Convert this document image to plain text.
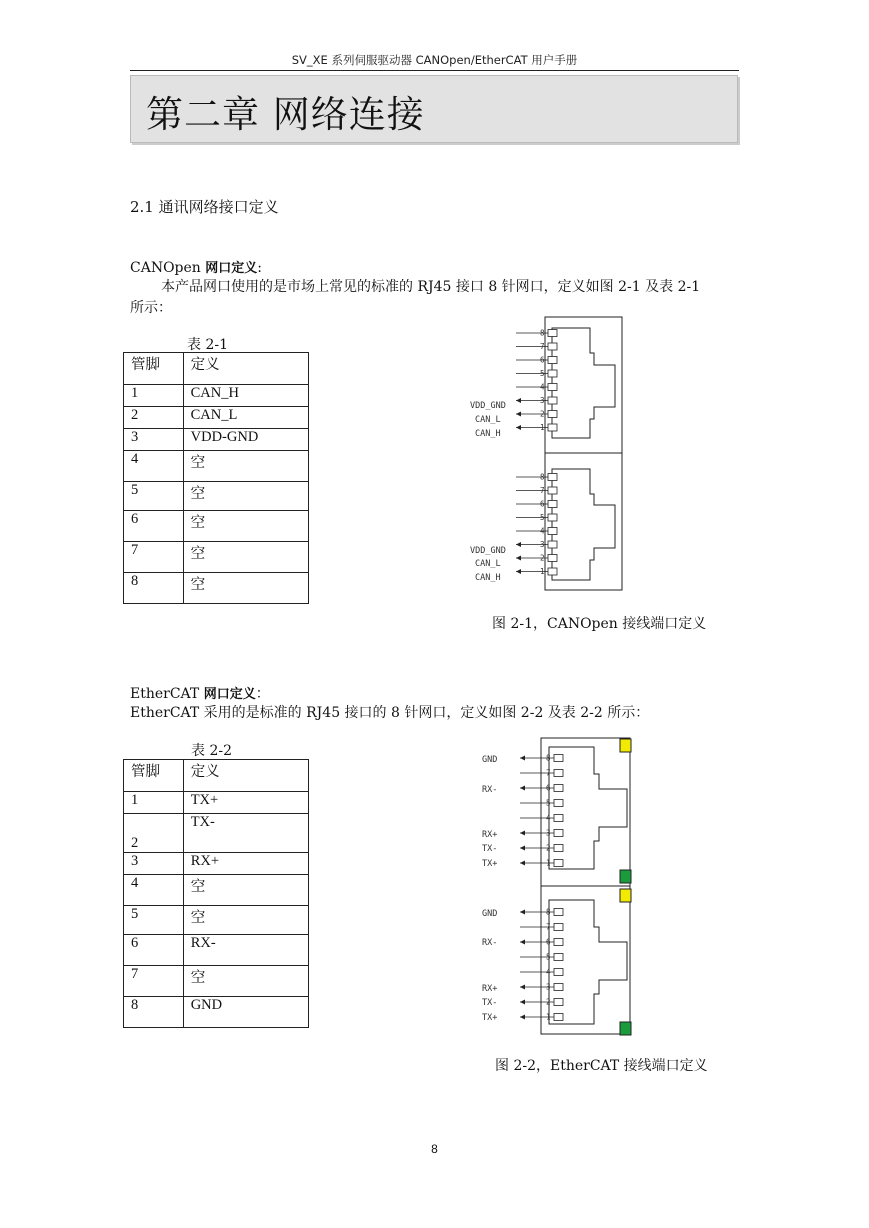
SV_XE 系列伺服驱动器 CANOpen/EtherCAT 用户手册
第二章 网络连接
2.1 通讯网络接口定义
CANOpen 网口定义:
本产品网口使用的是市场上常见的标准的 RJ45 接口 8 针网口，定义如图 2-1 及表 2-1
所示：
表 2-1
管脚	定义
1	CAN_H
2	CAN_L
3	VDD-GND
4	空
5	空
6	空
7	空
8	空
8
7
6
5
4
3
2
1
8
7
6
5
4
3
2
1
VDD_GND
CAN_L
CAN_H
VDD_GND
CAN_L
CAN_H
图 2-1，CANOpen 接线端口定义
EtherCAT 网口定义：
EtherCAT 采用的是标准的 RJ45 接口的 8 针网口，定义如图 2-2 及表 2-2 所示：
表 2-2
管脚	定义
1	TX+
2	TX-
3	RX+
4	空
5	空
6	RX-
7	空
8	GND
8
7
6
5
4
3
2
1
8
7
6
5
4
3
2
1
GND
RX-
RX+
TX-
TX+
GND
RX-
RX+
TX-
TX+
图 2-2，EtherCAT 接线端口定义
8
